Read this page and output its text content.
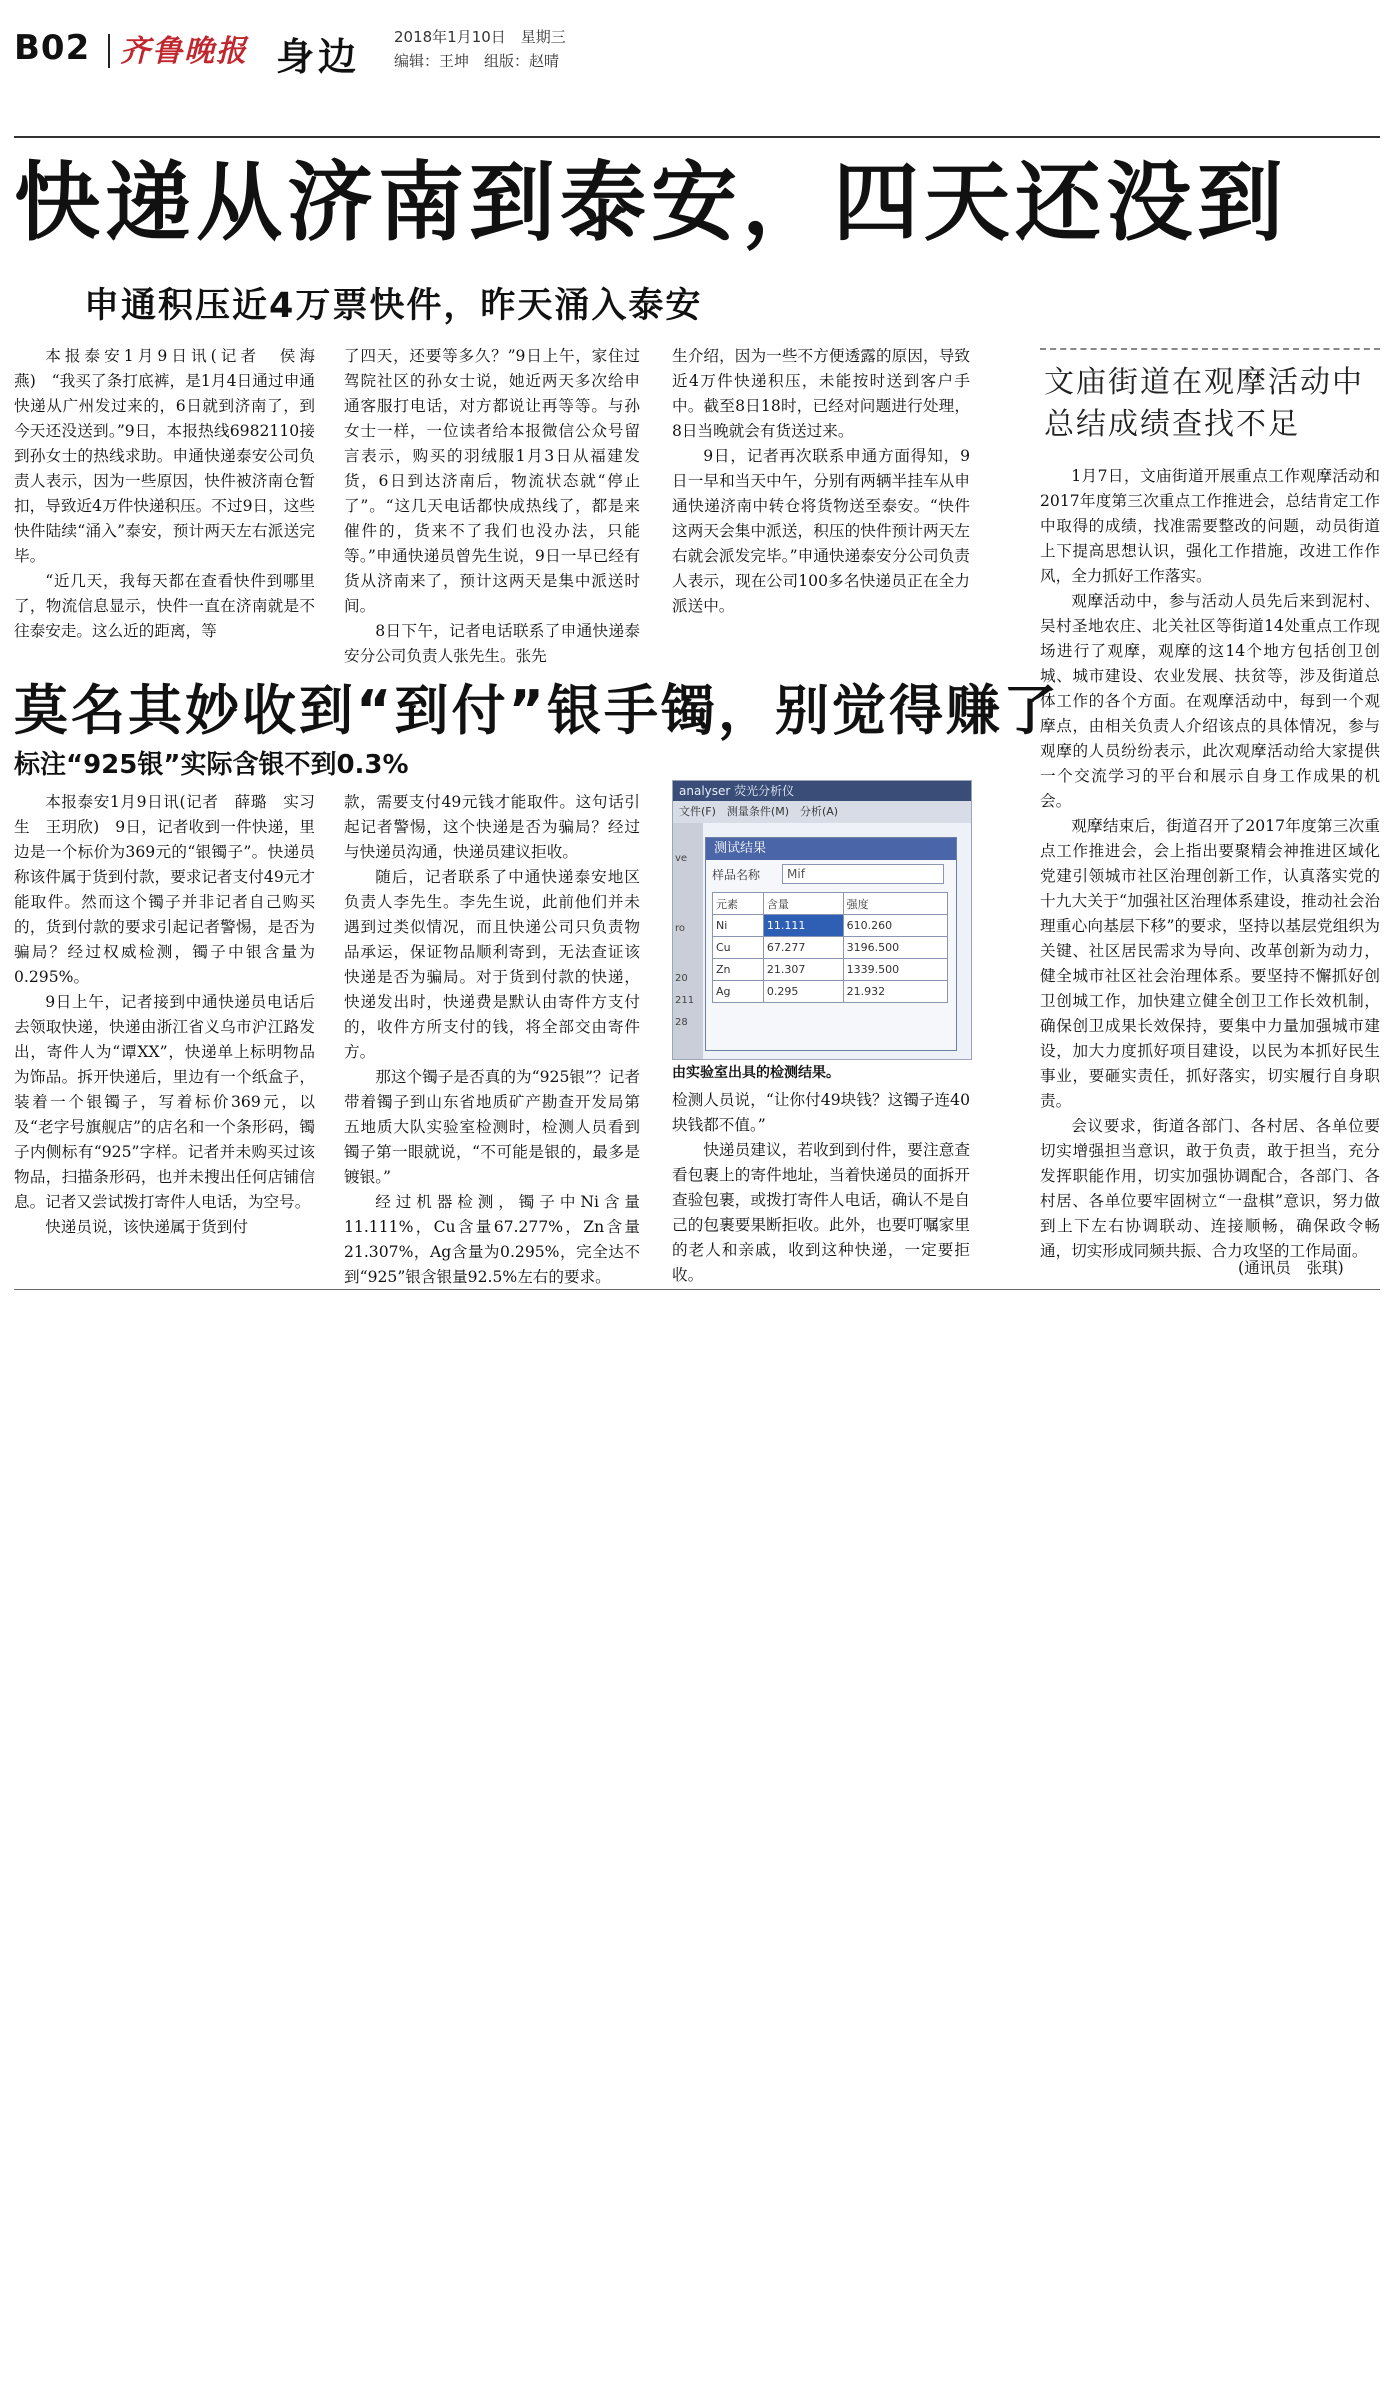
B02 齐鲁晚报 身边 2018年1月10日　星期三
编辑：王坤　组版：赵晴
快递从济南到泰安，四天还没到
申通积压近4万票快件，昨天涌入泰安

本报泰安1月9日讯(记者　侯海燕)　“我买了条打底裤，是1月4日通过申通快递从广州发过来的，6日就到济南了，到今天还没送到。”9日，本报热线6982110接到孙女士的热线求助。申通快递泰安公司负责人表示，因为一些原因，快件被济南仓暂扣，导致近4万件快递积压。不过9日，这些快件陆续“涌入”泰安，预计两天左右派送完毕。

“近几天，我每天都在查看快件到哪里了，物流信息显示，快件一直在济南就是不往泰安走。这么近的距离，等

了四天，还要等多久？”9日上午，家住过驾院社区的孙女士说，她近两天多次给申通客服打电话，对方都说让再等等。与孙女士一样，一位读者给本报微信公众号留言表示，购买的羽绒服1月3日从福建发货，6日到达济南后，物流状态就“停止了”。“这几天电话都快成热线了，都是来催件的，货来不了我们也没办法，只能等。”申通快递员曾先生说，9日一早已经有货从济南来了，预计这两天是集中派送时间。

8日下午，记者电话联系了申通快递泰安分公司负责人张先生。张先

生介绍，因为一些不方便透露的原因，导致近4万件快递积压，未能按时送到客户手中。截至8日18时，已经对问题进行处理，8日当晚就会有货送过来。

9日，记者再次联系申通方面得知，9日一早和当天中午，分别有两辆半挂车从申通快递济南中转仓将货物送至泰安。“快件这两天会集中派送，积压的快件预计两天左右就会派发完毕。”申通快递泰安分公司负责人表示，现在公司100多名快递员正在全力派送中。

莫名其妙收到“到付”银手镯，别觉得赚了
标注“925银”实际含银不到0.3%

本报泰安1月9日讯(记者　薛璐　实习生　王玥欣)　9日，记者收到一件快递，里边是一个标价为369元的“银镯子”。快递员称该件属于货到付款，要求记者支付49元才能取件。然而这个镯子并非记者自己购买的，货到付款的要求引起记者警惕，是否为骗局？经过权威检测，镯子中银含量为0.295%。

9日上午，记者接到中通快递员电话后去领取快递，快递由浙江省义乌市沪江路发出，寄件人为“谭XX”，快递单上标明物品为饰品。拆开快递后，里边有一个纸盒子，装着一个银镯子，写着标价369元，以及“老字号旗舰店”的店名和一个条形码，镯子内侧标有“925”字样。记者并未购买过该物品，扫描条形码，也并未搜出任何店铺信息。记者又尝试拨打寄件人电话，为空号。

快递员说，该快递属于货到付

款，需要支付49元钱才能取件。这句话引起记者警惕，这个快递是否为骗局？经过与快递员沟通，快递员建议拒收。

随后，记者联系了中通快递泰安地区负责人李先生。李先生说，此前他们并未遇到过类似情况，而且快递公司只负责物品承运，保证物品顺利寄到，无法查证该快递是否为骗局。对于货到付款的快递，快递发出时，快递费是默认由寄件方支付的，收件方所支付的钱，将全部交由寄件方。

那这个镯子是否真的为“925银”？记者带着镯子到山东省地质矿产勘查开发局第五地质大队实验室检测时，检测人员看到镯子第一眼就说，“不可能是银的，最多是镀银。”

经过机器检测，镯子中Ni含量11.111%，Cu含量67.277%，Zn含量21.307%，Ag含量为0.295%，完全达不到“925”银含银量92.5%左右的要求。

analyser 荧光分析仪
文件(F)　测量条件(M)　分析(A)
ve
ro
20
211
28
测试结果
样品名称	Mif
元素	含量	强度
Ni	11.111	610.260
Cu	67.277	3196.500
Zn	21.307	1339.500
Ag	0.295	21.932
由实验室出具的检测结果。

检测人员说，“让你付49块钱？这镯子连40块钱都不值。”

快递员建议，若收到到付件，要注意查看包裹上的寄件地址，当着快递员的面拆开查验包裹，或拨打寄件人电话，确认不是自己的包裹要果断拒收。此外，也要叮嘱家里的老人和亲戚，收到这种快递，一定要拒收。

文庙街道在观摩活动中总结成绩查找不足

1月7日，文庙街道开展重点工作观摩活动和2017年度第三次重点工作推进会，总结肯定工作中取得的成绩，找准需要整改的问题，动员街道上下提高思想认识，强化工作措施，改进工作作风，全力抓好工作落实。

观摩活动中，参与活动人员先后来到泥村、吴村圣地农庄、北关社区等街道14处重点工作现场进行了观摩，观摩的这14个地方包括创卫创城、城市建设、农业发展、扶贫等，涉及街道总体工作的各个方面。在观摩活动中，每到一个观摩点，由相关负责人介绍该点的具体情况，参与观摩的人员纷纷表示，此次观摩活动给大家提供一个交流学习的平台和展示自身工作成果的机会。

观摩结束后，街道召开了2017年度第三次重点工作推进会，会上指出要聚精会神推进区域化党建引领城市社区治理创新工作，认真落实党的十九大关于“加强社区治理体系建设，推动社会治理重心向基层下移”的要求，坚持以基层党组织为关键、社区居民需求为导向、改革创新为动力，健全城市社区社会治理体系。要坚持不懈抓好创卫创城工作，加快建立健全创卫工作长效机制，确保创卫成果长效保持，要集中力量加强城市建设，加大力度抓好项目建设，以民为本抓好民生事业，要砸实责任，抓好落实，切实履行自身职责。

会议要求，街道各部门、各村居、各单位要切实增强担当意识，敢于负责，敢于担当，充分发挥职能作用，切实加强协调配合，各部门、各村居、各单位要牢固树立“一盘棋”意识，努力做到上下左右协调联动、连接顺畅，确保政令畅通，切实形成同频共振、合力攻坚的工作局面。

(通讯员　张琪)
